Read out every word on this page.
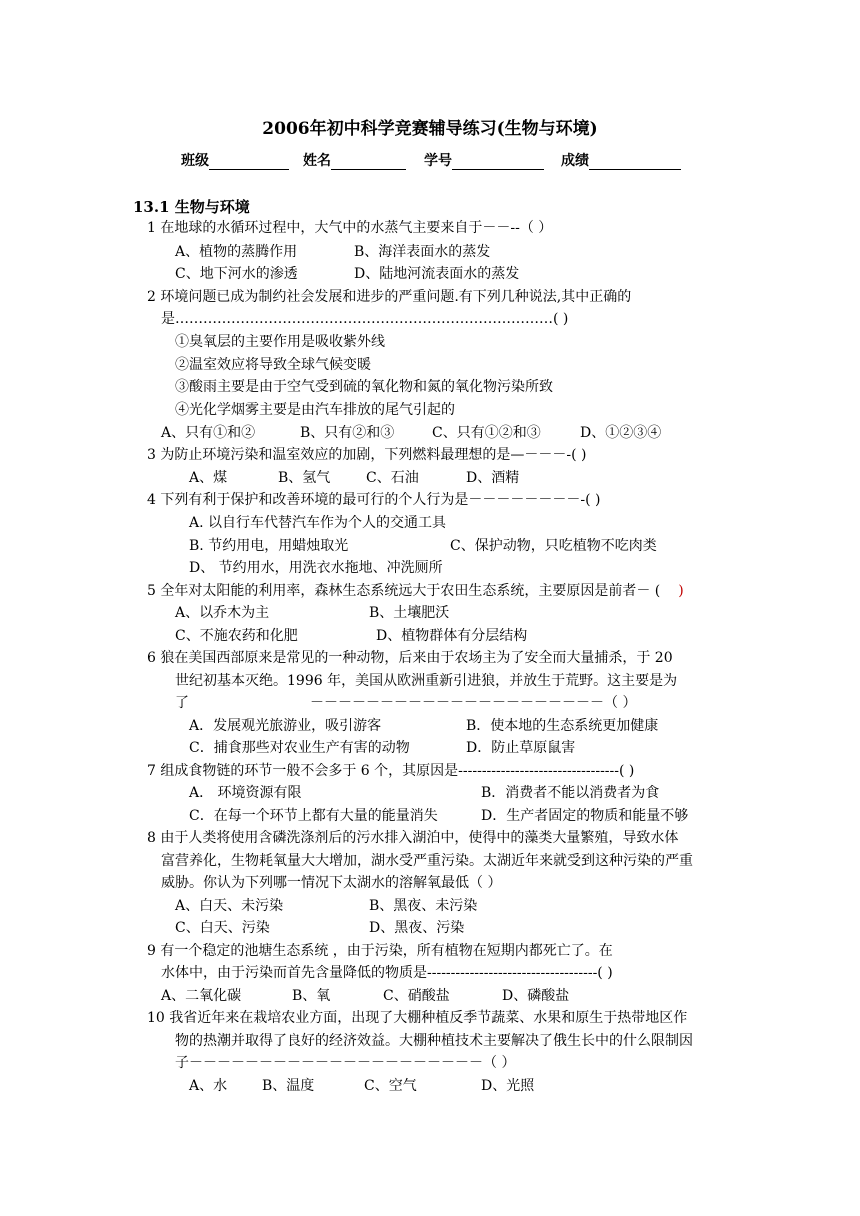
2006年初中科学竞赛辅导练习(生物与环境)
班级	姓名	学号	成绩
13.1 生物与环境
1 在地球的水循环过程中，大气中的水蒸气主要来自于－－--（ ）
A、植物的蒸腾作用	B、海洋表面水的蒸发
C、地下河水的渗透	D、陆地河流表面水的蒸发
2 环境问题已成为制约社会发展和进步的严重问题.有下列几种说法,其中正确的
是………………………………………………………………………( )
①臭氧层的主要作用是吸收紫外线
②温室效应将导致全球气候变暖
③酸雨主要是由于空气受到硫的氧化物和氮的氧化物污染所致
④光化学烟雾主要是由汽车排放的尾气引起的
A、只有①和②	B、只有②和③	C、只有①②和③	D、①②③④
3 为防止环境污染和温室效应的加剧，下列燃料最理想的是—－－－-( )
A、煤	B、氢气	C、石油	D、酒精
4 下列有利于保护和改善环境的最可行的个人行为是－－－－－－－－-( )
A. 以自行车代替汽车作为个人的交通工具
B. 节约用电，用蜡烛取光	C、保护动物，只吃植物不吃肉类
D、 节约用水，用洗衣水拖地、冲洗厕所
5 全年对太阳能的利用率，森林生态系统远大于农田生态系统，主要原因是前者－ ( )
A、以乔木为主	B、土壤肥沃
C、不施农药和化肥	D、植物群体有分层结构
6 狼在美国西部原来是常见的一种动物，后来由于农场主为了安全而大量捕杀，于 20
世纪初基本灭绝。1996 年，美国从欧洲重新引进狼，并放生于荒野。这主要是为
了	－－－－－－－－－－－－－－－－－－－－－（ ）
A．发展观光旅游业，吸引游客	B．使本地的生态系统更加健康
C．捕食那些对农业生产有害的动物	D．防止草原鼠害
7 组成食物链的环节一般不会多于 6 个，其原因是----------------------------------( )
A． 环境资源有限	B．消费者不能以消费者为食
C．在每一个环节上都有大量的能量消失	D．生产者固定的物质和能量不够
8 由于人类将使用含磷洗涤剂后的污水排入湖泊中，使得中的藻类大量繁殖，导致水体
富营养化，生物耗氧量大大增加，湖水受严重污染。太湖近年来就受到这种污染的严重
威胁。你认为下列哪一情况下太湖水的溶解氧最低（ ）
A、白天、未污染	B、黑夜、未污染
C、白天、污染	D、黑夜、污染
9 有一个稳定的池塘生态系统 ，由于污染，所有植物在短期内都死亡了。在
水体中，由于污染而首先含量降低的物质是------------------------------------( )
A、二氧化碳	B、氧	C、硝酸盐	D、磷酸盐
10 我省近年来在栽培农业方面，出现了大棚种植反季节蔬菜、水果和原生于热带地区作
物的热潮并取得了良好的经济效益。大棚种植技术主要解决了俄生长中的什么限制因
子－－－－－－－－－－－－－－－－－－－－－（ ）
A、水 B、温度	C、空气	D、光照
